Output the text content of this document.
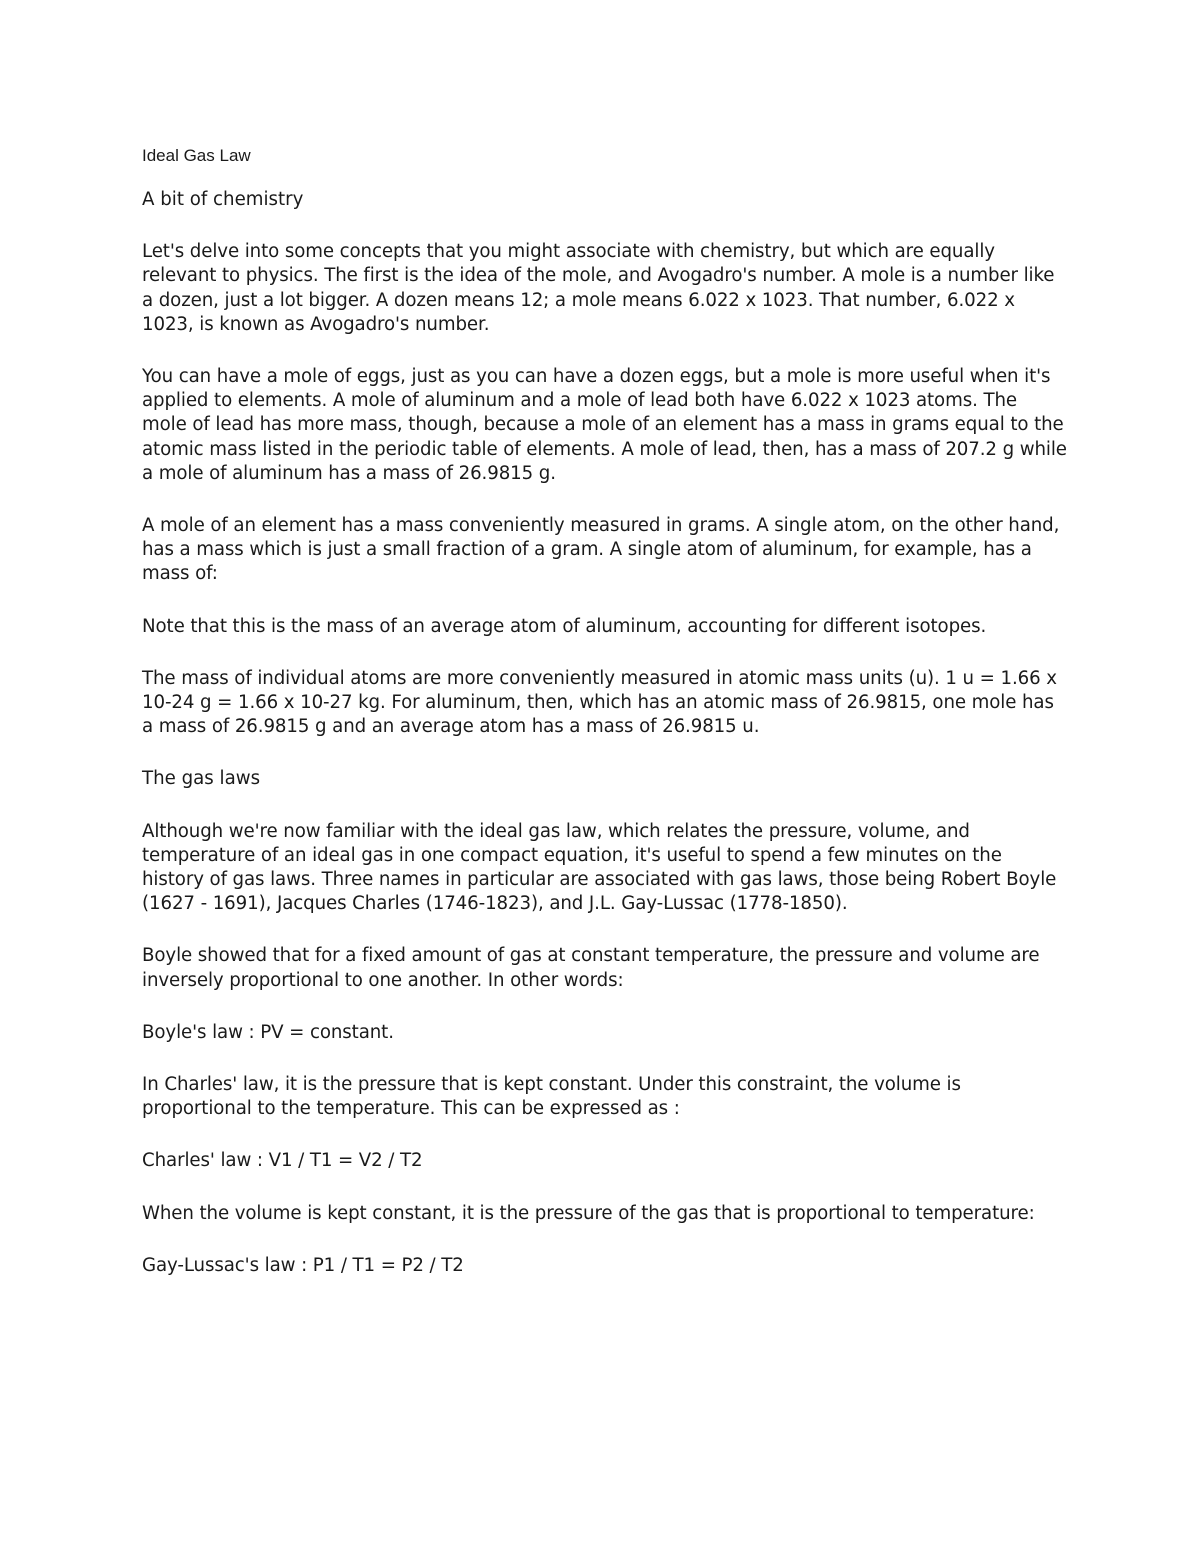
Ideal Gas Law

A bit of chemistry

Let's delve into some concepts that you might associate with chemistry, but which are equally relevant to physics. The first is the idea of the mole, and Avogadro's number. A mole is a number like a dozen, just a lot bigger. A dozen means 12; a mole means 6.022 x 1023. That number, 6.022 x 1023, is known as Avogadro's number.

You can have a mole of eggs, just as you can have a dozen eggs, but a mole is more useful when it's applied to elements. A mole of aluminum and a mole of lead both have 6.022 x 1023 atoms. The mole of lead has more mass, though, because a mole of an element has a mass in grams equal to the atomic mass listed in the periodic table of elements. A mole of lead, then, has a mass of 207.2 g while a mole of aluminum has a mass of 26.9815 g.

A mole of an element has a mass conveniently measured in grams. A single atom, on the other hand, has a mass which is just a small fraction of a gram. A single atom of aluminum, for example, has a mass of:

Note that this is the mass of an average atom of aluminum, accounting for different isotopes.

The mass of individual atoms are more conveniently measured in atomic mass units (u). 1 u = 1.66 x 10-24 g = 1.66 x 10-27 kg. For aluminum, then, which has an atomic mass of 26.9815, one mole has a mass of 26.9815 g and an average atom has a mass of 26.9815 u.

The gas laws

Although we're now familiar with the ideal gas law, which relates the pressure, volume, and temperature of an ideal gas in one compact equation, it's useful to spend a few minutes on the history of gas laws. Three names in particular are associated with gas laws, those being Robert Boyle (1627 - 1691), Jacques Charles (1746-1823), and J.L. Gay-Lussac (1778-1850).

Boyle showed that for a fixed amount of gas at constant temperature, the pressure and volume are inversely proportional to one another. In other words:

Boyle's law : PV = constant.

In Charles' law, it is the pressure that is kept constant. Under this constraint, the volume is proportional to the temperature. This can be expressed as :

Charles' law : V1 / T1 = V2 / T2

When the volume is kept constant, it is the pressure of the gas that is proportional to temperature:

Gay-Lussac's law : P1 / T1 = P2 / T2
